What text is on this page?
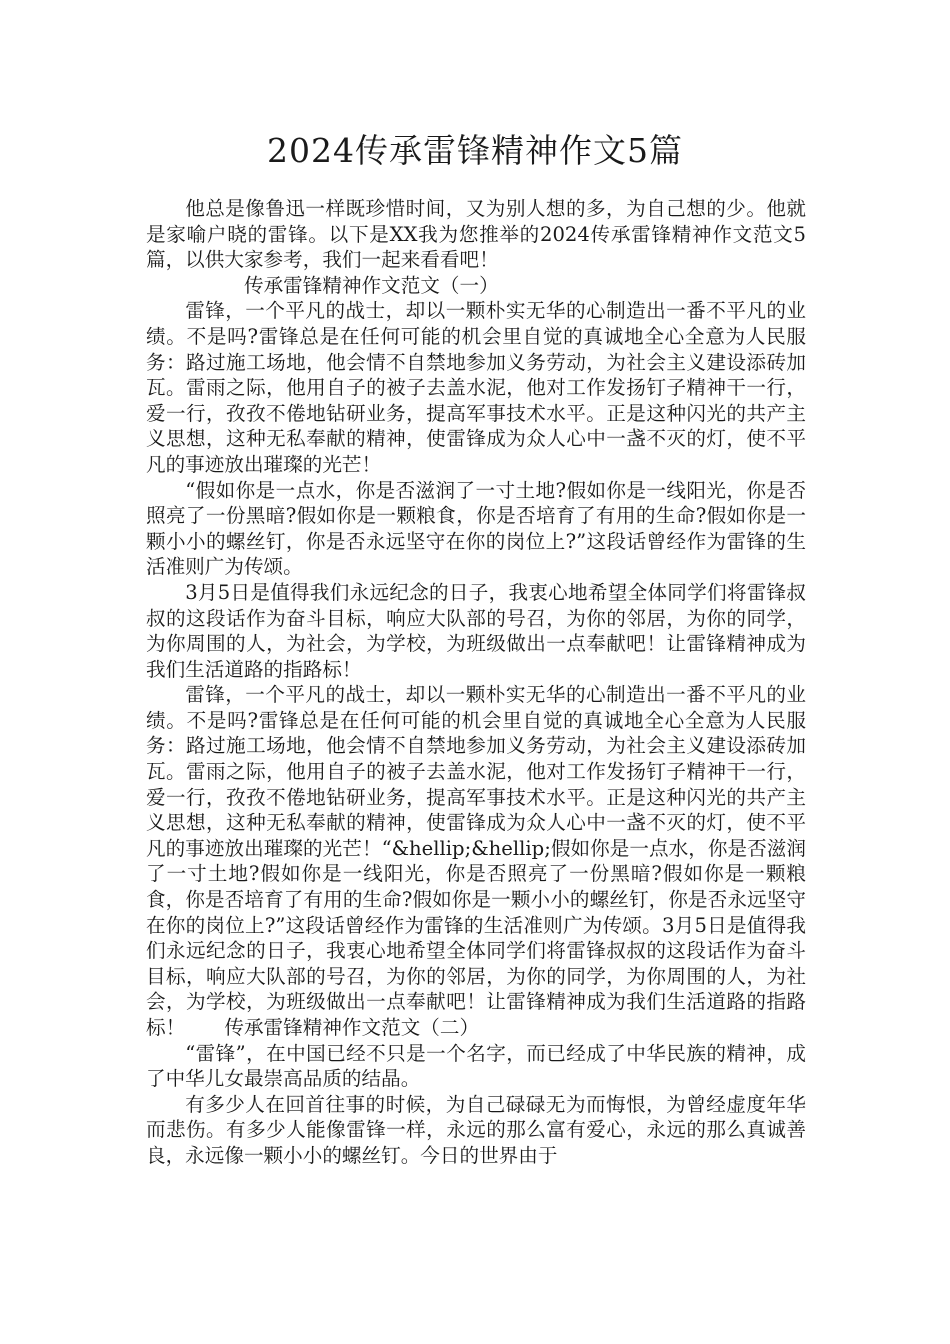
2024传承雷锋精神作文5篇

他总是像鲁迅一样既珍惜时间，又为别人想的多，为自己想的少。他就是家喻户晓的雷锋。以下是XX我为您推举的2024传承雷锋精神作文范文5篇，以供大家参考，我们一起来看看吧！

传承雷锋精神作文范文（一）

雷锋，一个平凡的战士，却以一颗朴实无华的心制造出一番不平凡的业绩。不是吗?雷锋总是在任何可能的机会里自觉的真诚地全心全意为人民服务：路过施工场地，他会情不自禁地参加义务劳动，为社会主义建设添砖加瓦。雷雨之际，他用自子的被子去盖水泥，他对工作发扬钉子精神干一行，爱一行，孜孜不倦地钻研业务，提高军事技术水平。正是这种闪光的共产主义思想，这种无私奉献的精神，使雷锋成为众人心中一盏不灭的灯，使不平凡的事迹放出璀璨的光芒！

“假如你是一点水，你是否滋润了一寸土地?假如你是一线阳光，你是否照亮了一份黑暗?假如你是一颗粮食，你是否培育了有用的生命?假如你是一颗小小的螺丝钉，你是否永远坚守在你的岗位上?”这段话曾经作为雷锋的生活准则广为传颂。

3月5日是值得我们永远纪念的日子，我衷心地希望全体同学们将雷锋叔叔的这段话作为奋斗目标，响应大队部的号召，为你的邻居，为你的同学，为你周围的人，为社会，为学校，为班级做出一点奉献吧！让雷锋精神成为我们生活道路的指路标！

雷锋，一个平凡的战士，却以一颗朴实无华的心制造出一番不平凡的业绩。不是吗?雷锋总是在任何可能的机会里自觉的真诚地全心全意为人民服务：路过施工场地，他会情不自禁地参加义务劳动，为社会主义建设添砖加瓦。雷雨之际，他用自子的被子去盖水泥，他对工作发扬钉子精神干一行，爱一行，孜孜不倦地钻研业务，提高军事技术水平。正是这种闪光的共产主义思想，这种无私奉献的精神，使雷锋成为众人心中一盏不灭的灯，使不平凡的事迹放出璀璨的光芒！“&hellip;&hellip;假如你是一点水，你是否滋润了一寸土地?假如你是一线阳光，你是否照亮了一份黑暗?假如你是一颗粮食，你是否培育了有用的生命?假如你是一颗小小的螺丝钉，你是否永远坚守在你的岗位上?”这段话曾经作为雷锋的生活准则广为传颂。3月5日是值得我们永远纪念的日子，我衷心地希望全体同学们将雷锋叔叔的这段话作为奋斗目标，响应大队部的号召，为你的邻居，为你的同学，为你周围的人，为社会，为学校，为班级做出一点奉献吧！让雷锋精神成为我们生活道路的指路标！　　传承雷锋精神作文范文（二）

“雷锋”，在中国已经不只是一个名字，而已经成了中华民族的精神，成了中华儿女最崇高品质的结晶。

有多少人在回首往事的时候，为自己碌碌无为而悔恨，为曾经虚度年华而悲伤。有多少人能像雷锋一样，永远的那么富有爱心，永远的那么真诚善良，永远像一颗小小的螺丝钉。今日的世界由于
